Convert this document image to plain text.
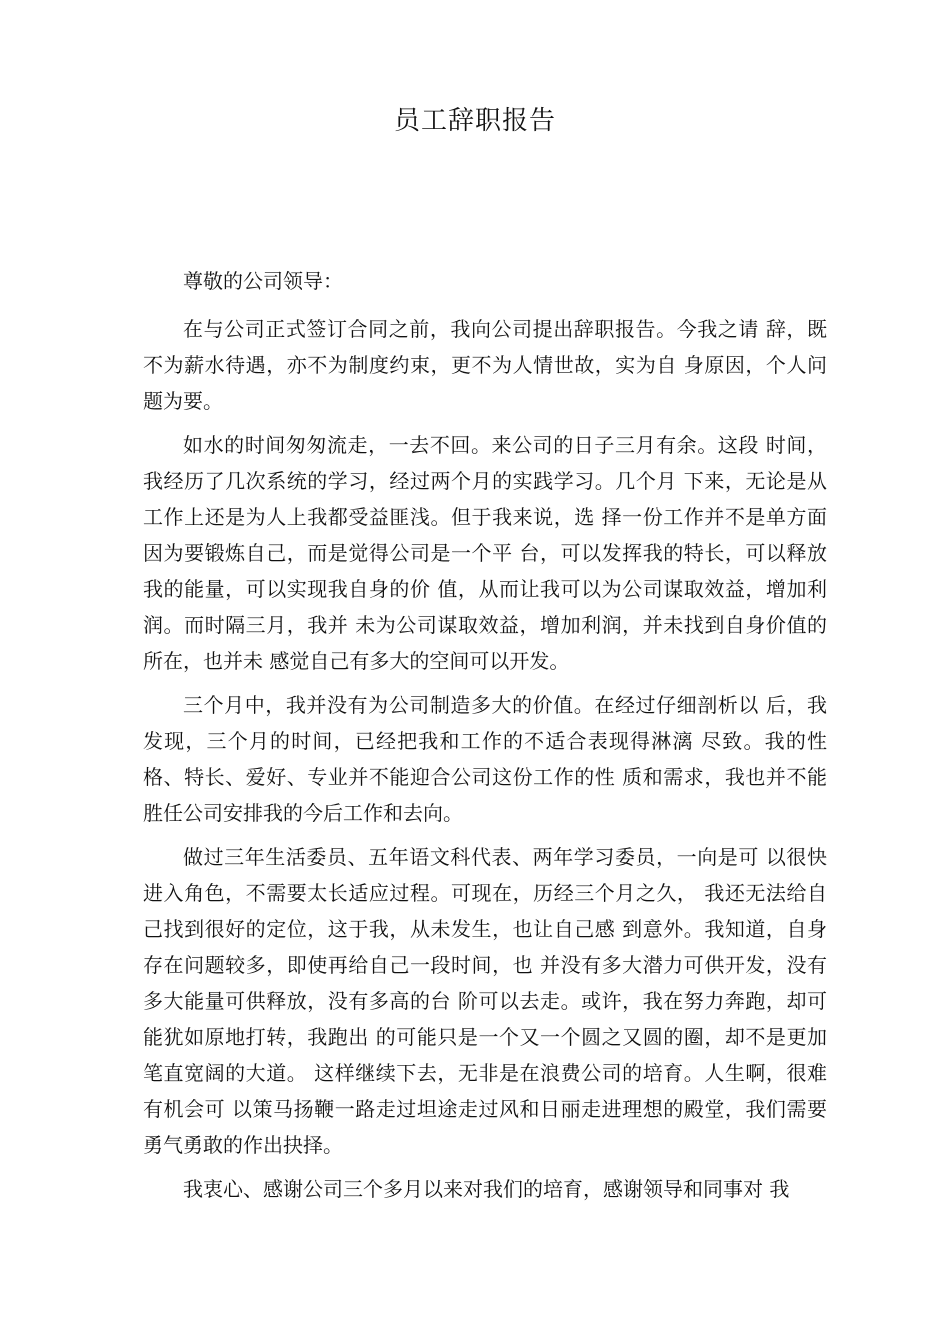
员工辞职报告

尊敬的公司领导：

在与公司正式签订合同之前，我向公司提出辞职报告。今我之请 辞，既不为薪水待遇，亦不为制度约束，更不为人情世故，实为自 身原因，个人问题为要。

如水的时间匆匆流走，一去不回。来公司的日子三月有余。这段 时间，我经历了几次系统的学习，经过两个月的实践学习。几个月 下来，无论是从工作上还是为人上我都受益匪浅。但于我来说，选 择一份工作并不是单方面因为要锻炼自己，而是觉得公司是一个平 台，可以发挥我的特长，可以释放我的能量，可以实现我自身的价 值，从而让我可以为公司谋取效益，增加利润。而时隔三月，我并 未为公司谋取效益，增加利润，并未找到自身价值的所在，也并未 感觉自己有多大的空间可以开发。

三个月中，我并没有为公司制造多大的价值。在经过仔细剖析以 后，我发现，三个月的时间，已经把我和工作的不适合表现得淋漓 尽致。我的性格、特长、爱好、专业并不能迎合公司这份工作的性 质和需求，我也并不能胜任公司安排我的今后工作和去向。

做过三年生活委员、五年语文科代表、两年学习委员，一向是可 以很快进入角色，不需要太长适应过程。可现在，历经三个月之久， 我还无法给自己找到很好的定位，这于我，从未发生，也让自己感 到意外。我知道，自身存在问题较多，即使再给自己一段时间，也 并没有多大潜力可供开发，没有多大能量可供释放，没有多高的台 阶可以去走。或许，我在努力奔跑，却可能犹如原地打转，我跑出 的可能只是一个又一个圆之又圆的圈，却不是更加笔直宽阔的大道。 这样继续下去，无非是在浪费公司的培育。人生啊，很难有机会可 以策马扬鞭一路走过坦途走过风和日丽走进理想的殿堂，我们需要 勇气勇敢的作出抉择。

我衷心、感谢公司三个多月以来对我们的培育，感谢领导和同事对 我
